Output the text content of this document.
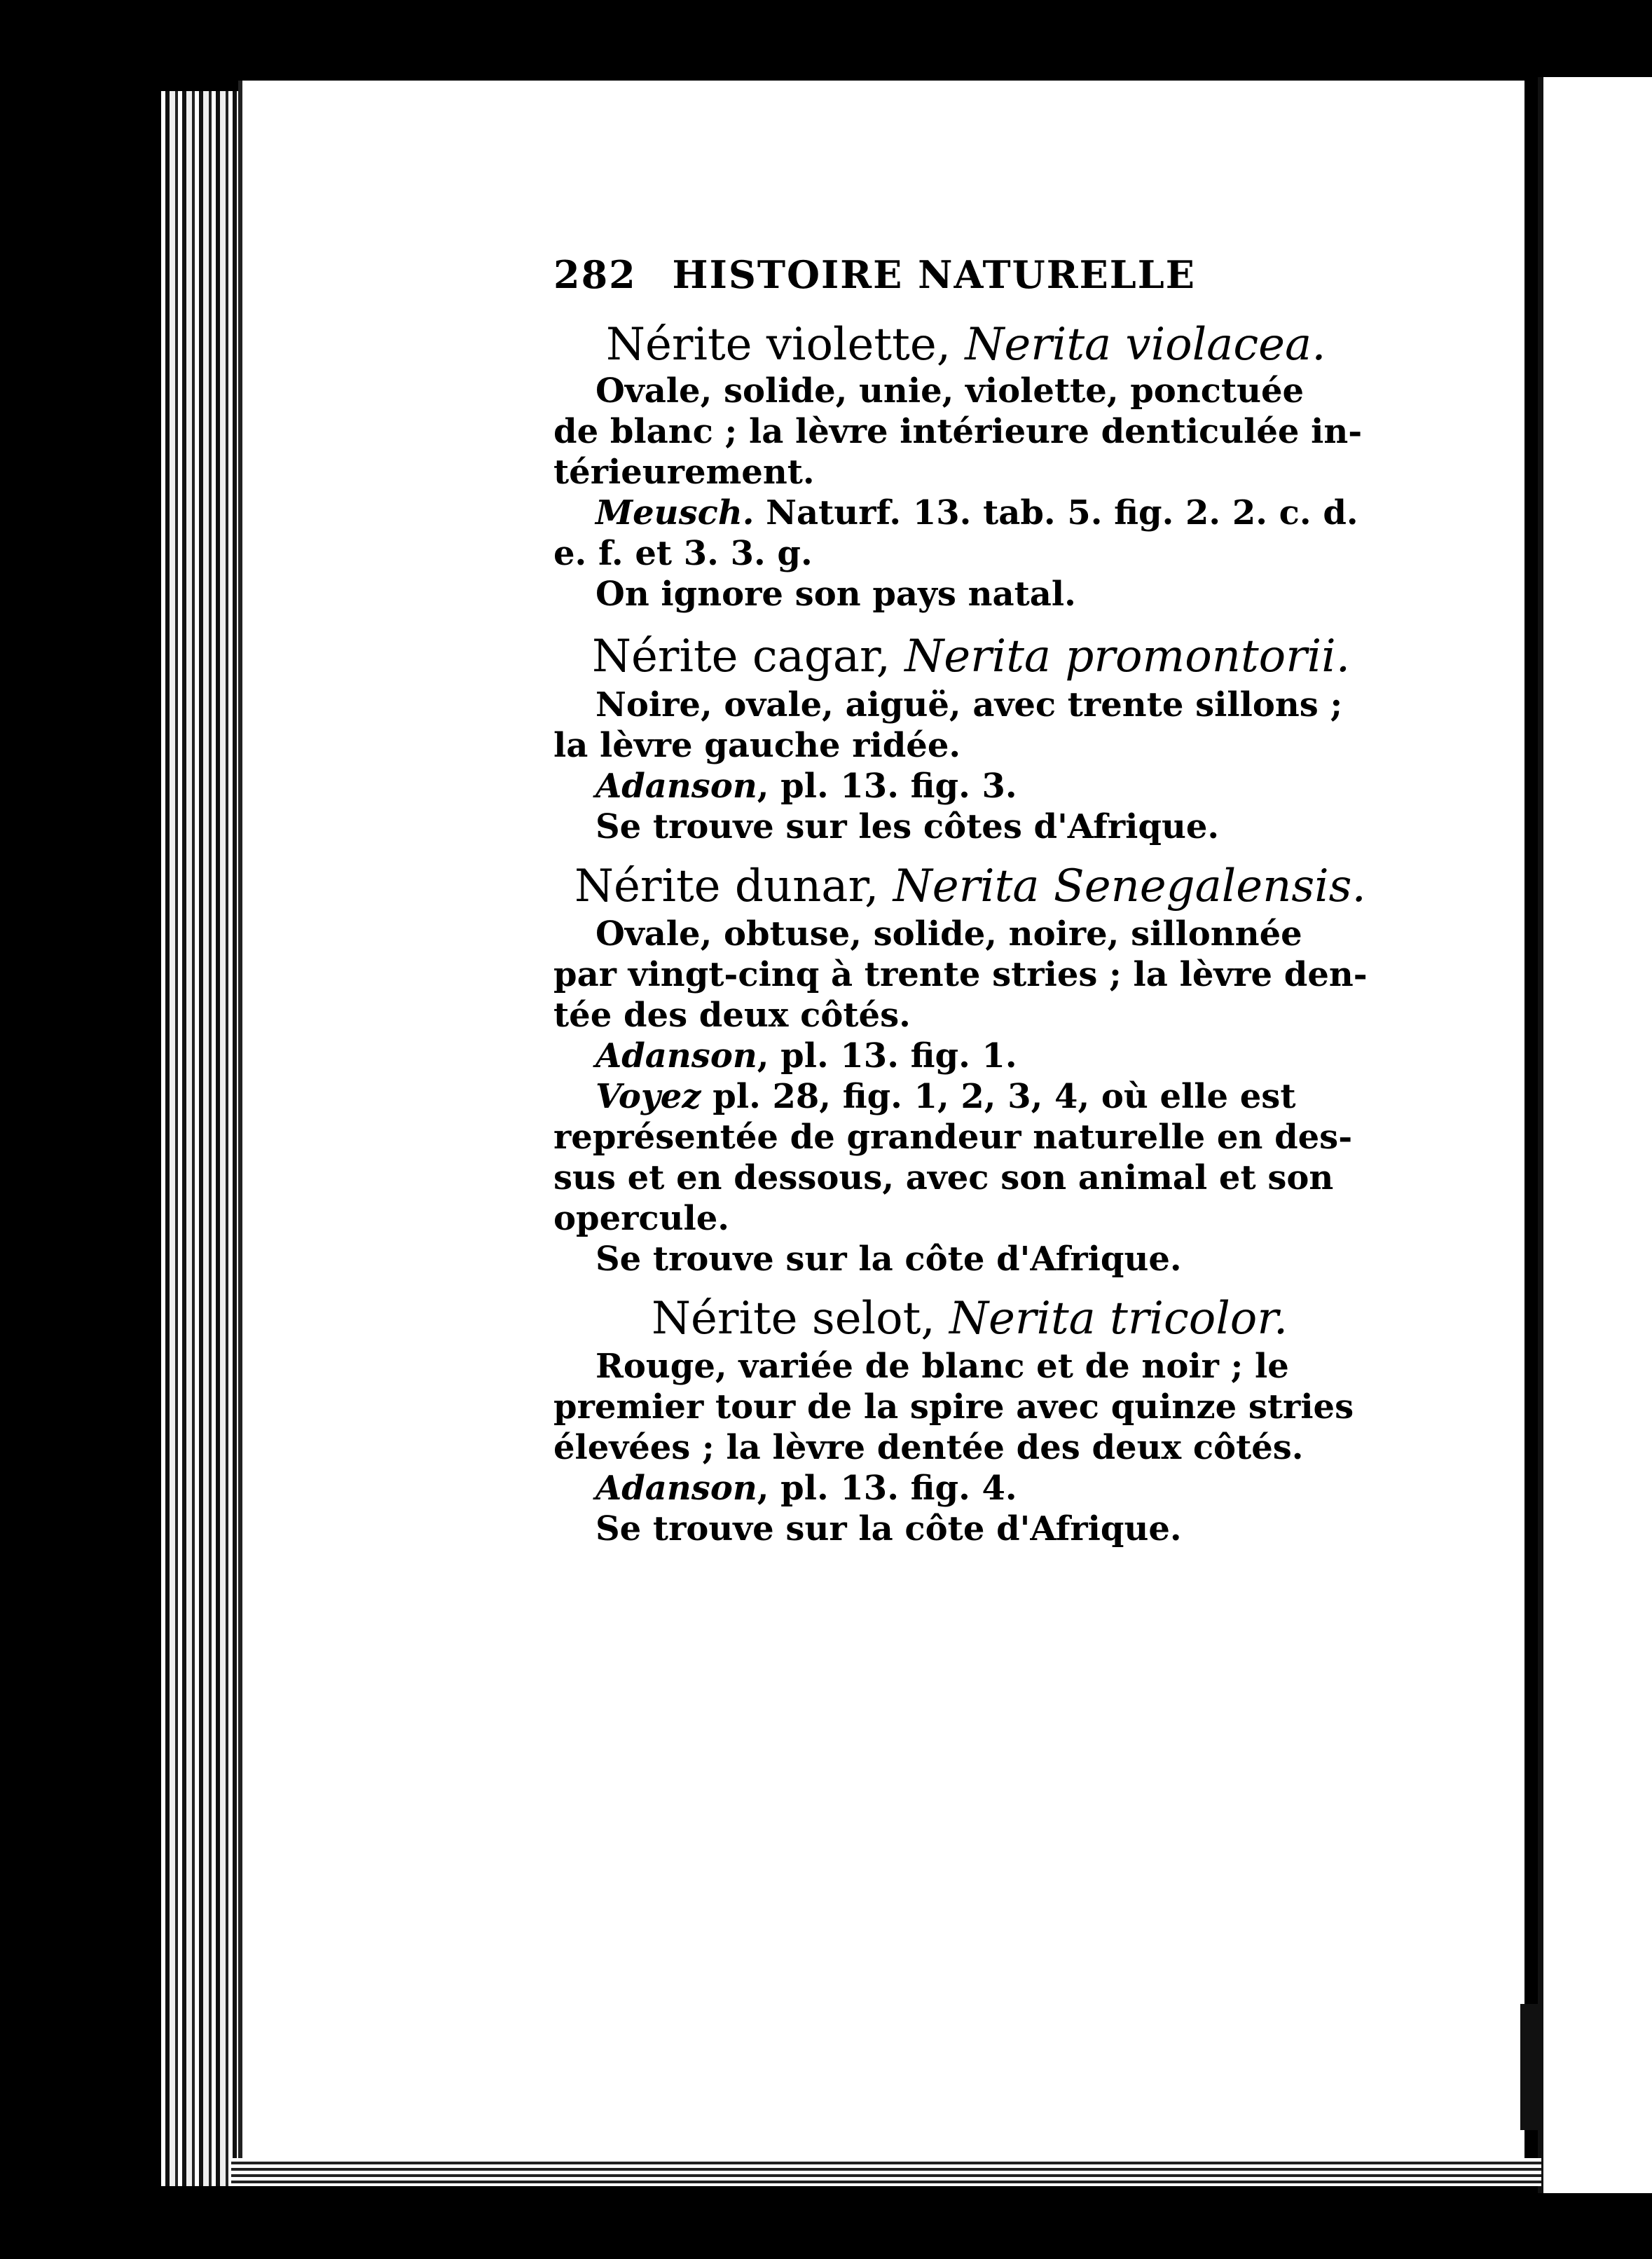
282 HISTOIRE NATURELLE
Nérite violette, Nerita violacea.
Ovale, solide, unie, violette, ponctuée
de blanc ; la lèvre intérieure denticulée in-
térieurement.
Meusch. Naturf. 13. tab. 5. fig. 2. 2. c. d.
e. f. et 3. 3. g.
On ignore son pays natal.
Nérite cagar, Nerita promontorii.
Noire, ovale, aiguë, avec trente sillons ;
la lèvre gauche ridée.
Adanson, pl. 13. fig. 3.
Se trouve sur les côtes d'Afrique.
Nérite dunar, Nerita Senegalensis.
Ovale, obtuse, solide, noire, sillonnée
par vingt-cinq à trente stries ; la lèvre den-
tée des deux côtés.
Adanson, pl. 13. fig. 1.
Voyez pl. 28, fig. 1, 2, 3, 4, où elle est
représentée de grandeur naturelle en des-
sus et en dessous, avec son animal et son
opercule.
Se trouve sur la côte d'Afrique.
Nérite selot, Nerita tricolor.
Rouge, variée de blanc et de noir ; le
premier tour de la spire avec quinze stries
élevées ; la lèvre dentée des deux côtés.
Adanson, pl. 13. fig. 4.
Se trouve sur la côte d'Afrique.
